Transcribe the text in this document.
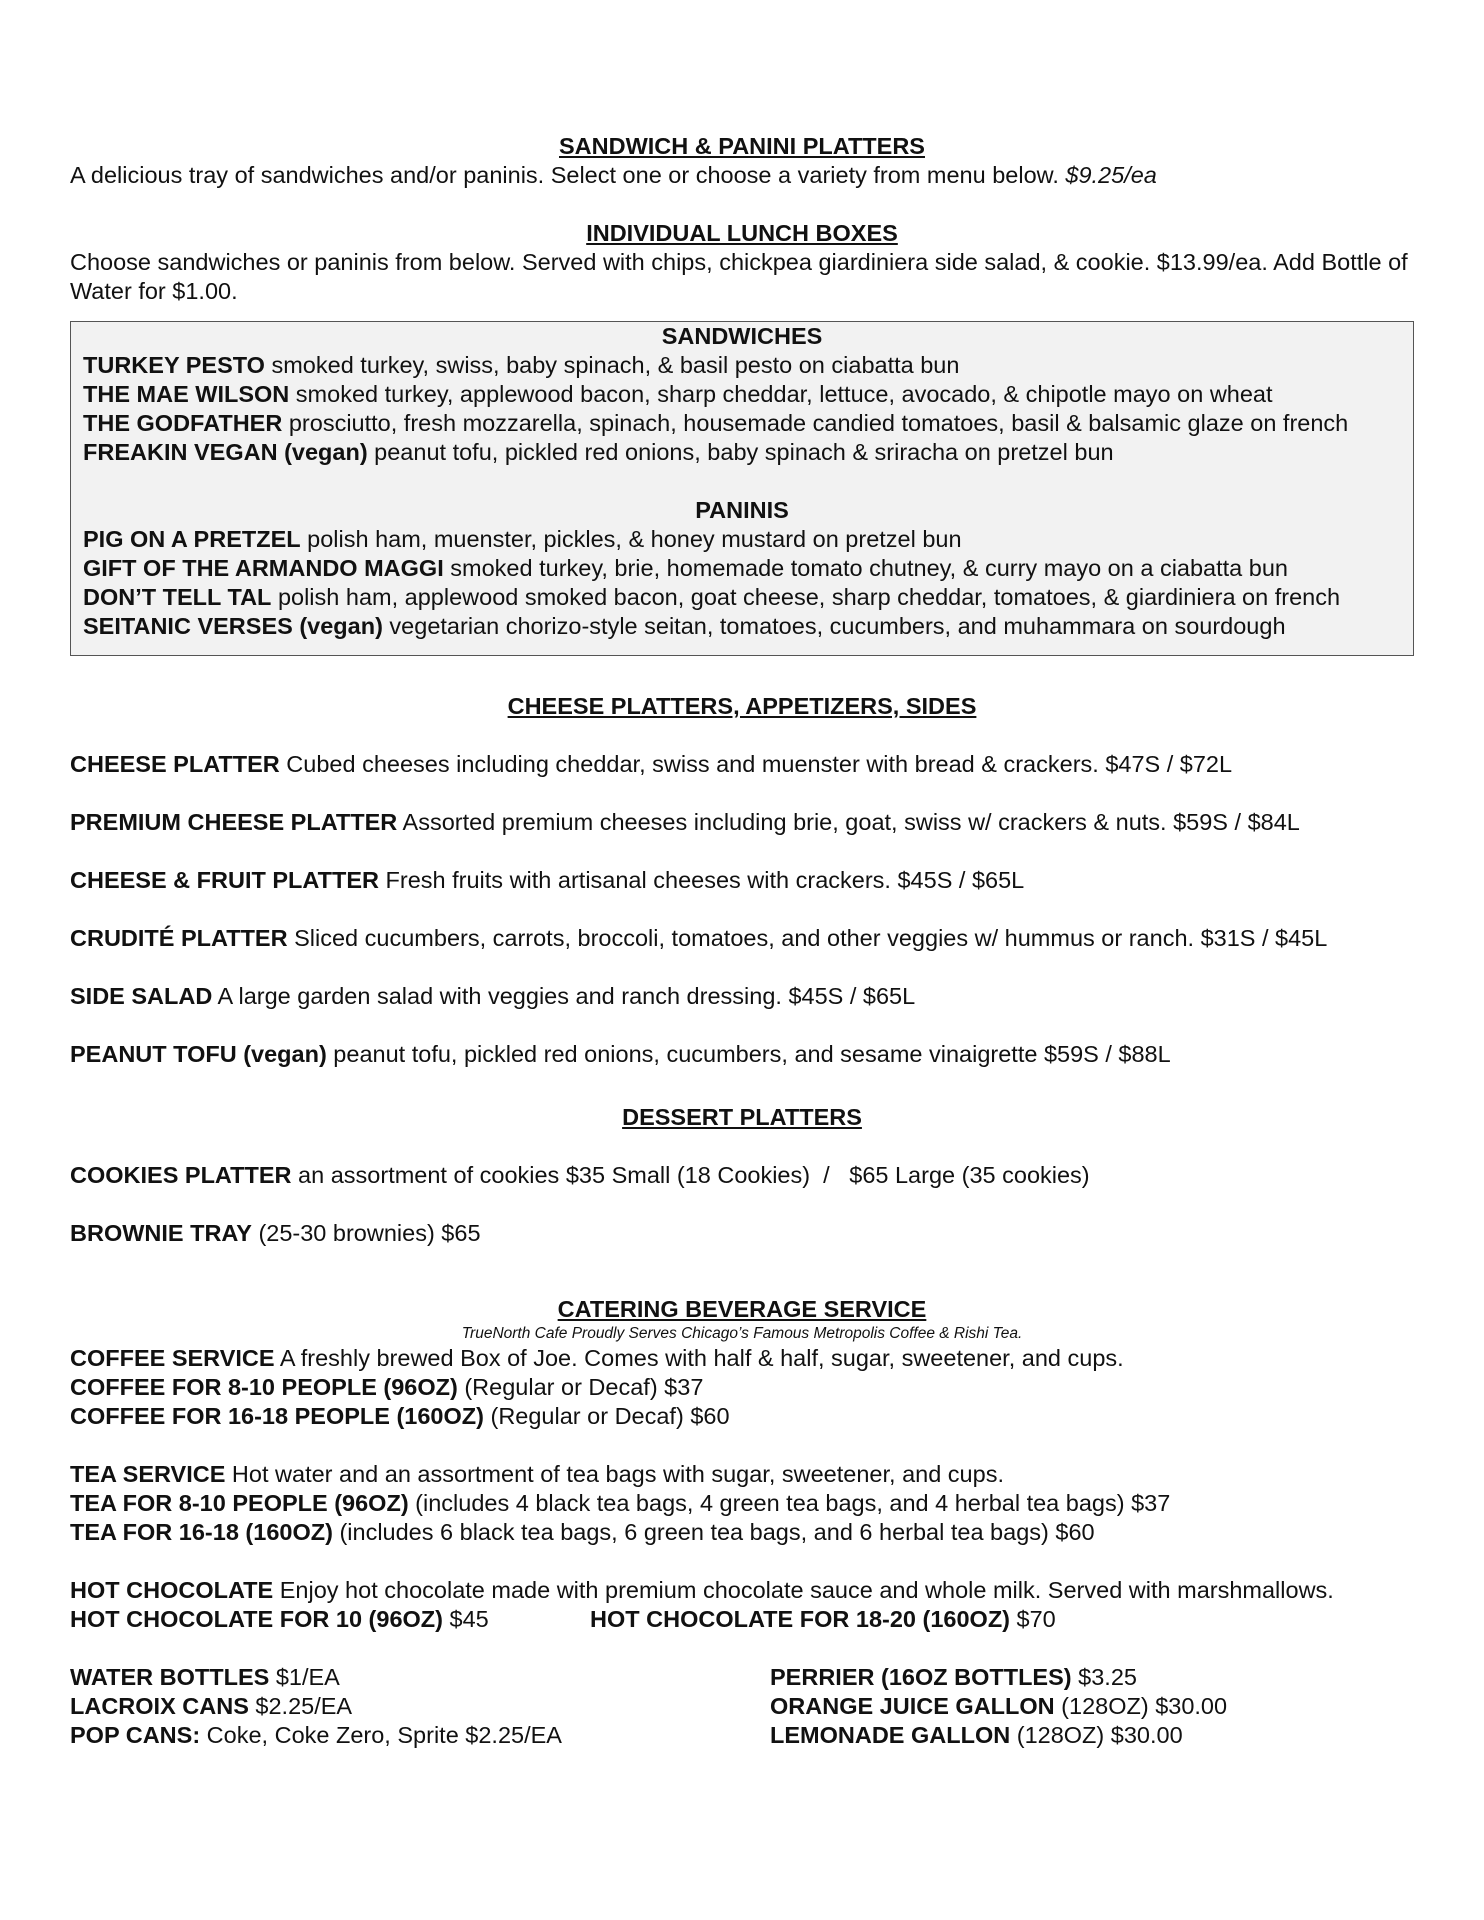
SANDWICH & PANINI PLATTERS

A delicious tray of sandwiches and/or paninis. Select one or choose a variety from menu below. $9.25/ea

INDIVIDUAL LUNCH BOXES

Choose sandwiches or paninis from below. Served with chips, chickpea giardiniera side salad, & cookie. $13.99/ea. Add Bottle of Water for $1.00.

SANDWICHES

TURKEY PESTO smoked turkey, swiss, baby spinach, & basil pesto on ciabatta bun

THE MAE WILSON smoked turkey, applewood bacon, sharp cheddar, lettuce, avocado, & chipotle mayo on wheat

THE GODFATHER prosciutto, fresh mozzarella, spinach, housemade candied tomatoes, basil & balsamic glaze on french

FREAKIN VEGAN (vegan) peanut tofu, pickled red onions, baby spinach & sriracha on pretzel bun

PANINIS

PIG ON A PRETZEL polish ham, muenster, pickles, & honey mustard on pretzel bun

GIFT OF THE ARMANDO MAGGI smoked turkey, brie, homemade tomato chutney, & curry mayo on a ciabatta bun

DON’T TELL TAL polish ham, applewood smoked bacon, goat cheese, sharp cheddar, tomatoes, & giardiniera on french

SEITANIC VERSES (vegan) vegetarian chorizo-style seitan, tomatoes, cucumbers, and muhammara on sourdough

CHEESE PLATTERS, APPETIZERS, SIDES

CHEESE PLATTER Cubed cheeses including cheddar, swiss and muenster with bread & crackers. $47S / $72L

PREMIUM CHEESE PLATTER Assorted premium cheeses including brie, goat, swiss w/ crackers & nuts. $59S / $84L

CHEESE & FRUIT PLATTER Fresh fruits with artisanal cheeses with crackers. $45S / $65L

CRUDITÉ PLATTER Sliced cucumbers, carrots, broccoli, tomatoes, and other veggies w/ hummus or ranch. $31S / $45L

SIDE SALAD A large garden salad with veggies and ranch dressing. $45S / $65L

PEANUT TOFU (vegan) peanut tofu, pickled red onions, cucumbers, and sesame vinaigrette $59S / $88L

DESSERT PLATTERS

COOKIES PLATTER an assortment of cookies $35 Small (18 Cookies)  /   $65 Large (35 cookies)

BROWNIE TRAY (25-30 brownies) $65

CATERING BEVERAGE SERVICE

TrueNorth Cafe Proudly Serves Chicago’s Famous Metropolis Coffee & Rishi Tea.

COFFEE SERVICE A freshly brewed Box of Joe. Comes with half & half, sugar, sweetener, and cups.

COFFEE FOR 8-10 PEOPLE (96OZ) (Regular or Decaf) $37

COFFEE FOR 16-18 PEOPLE (160OZ) (Regular or Decaf) $60

TEA SERVICE Hot water and an assortment of tea bags with sugar, sweetener, and cups.

TEA FOR 8-10 PEOPLE (96OZ) (includes 4 black tea bags, 4 green tea bags, and 4 herbal tea bags) $37

TEA FOR 16-18 (160OZ) (includes 6 black tea bags, 6 green tea bags, and 6 herbal tea bags) $60

HOT CHOCOLATE Enjoy hot chocolate made with premium chocolate sauce and whole milk. Served with marshmallows.

HOT CHOCOLATE FOR 10 (96OZ) $45	HOT CHOCOLATE FOR 18-20 (160OZ) $70

WATER BOTTLES $1/EA

LACROIX CANS $2.25/EA

POP CANS: Coke, Coke Zero, Sprite $2.25/EA

PERRIER (16OZ BOTTLES) $3.25

ORANGE JUICE GALLON (128OZ) $30.00

LEMONADE GALLON (128OZ) $30.00
